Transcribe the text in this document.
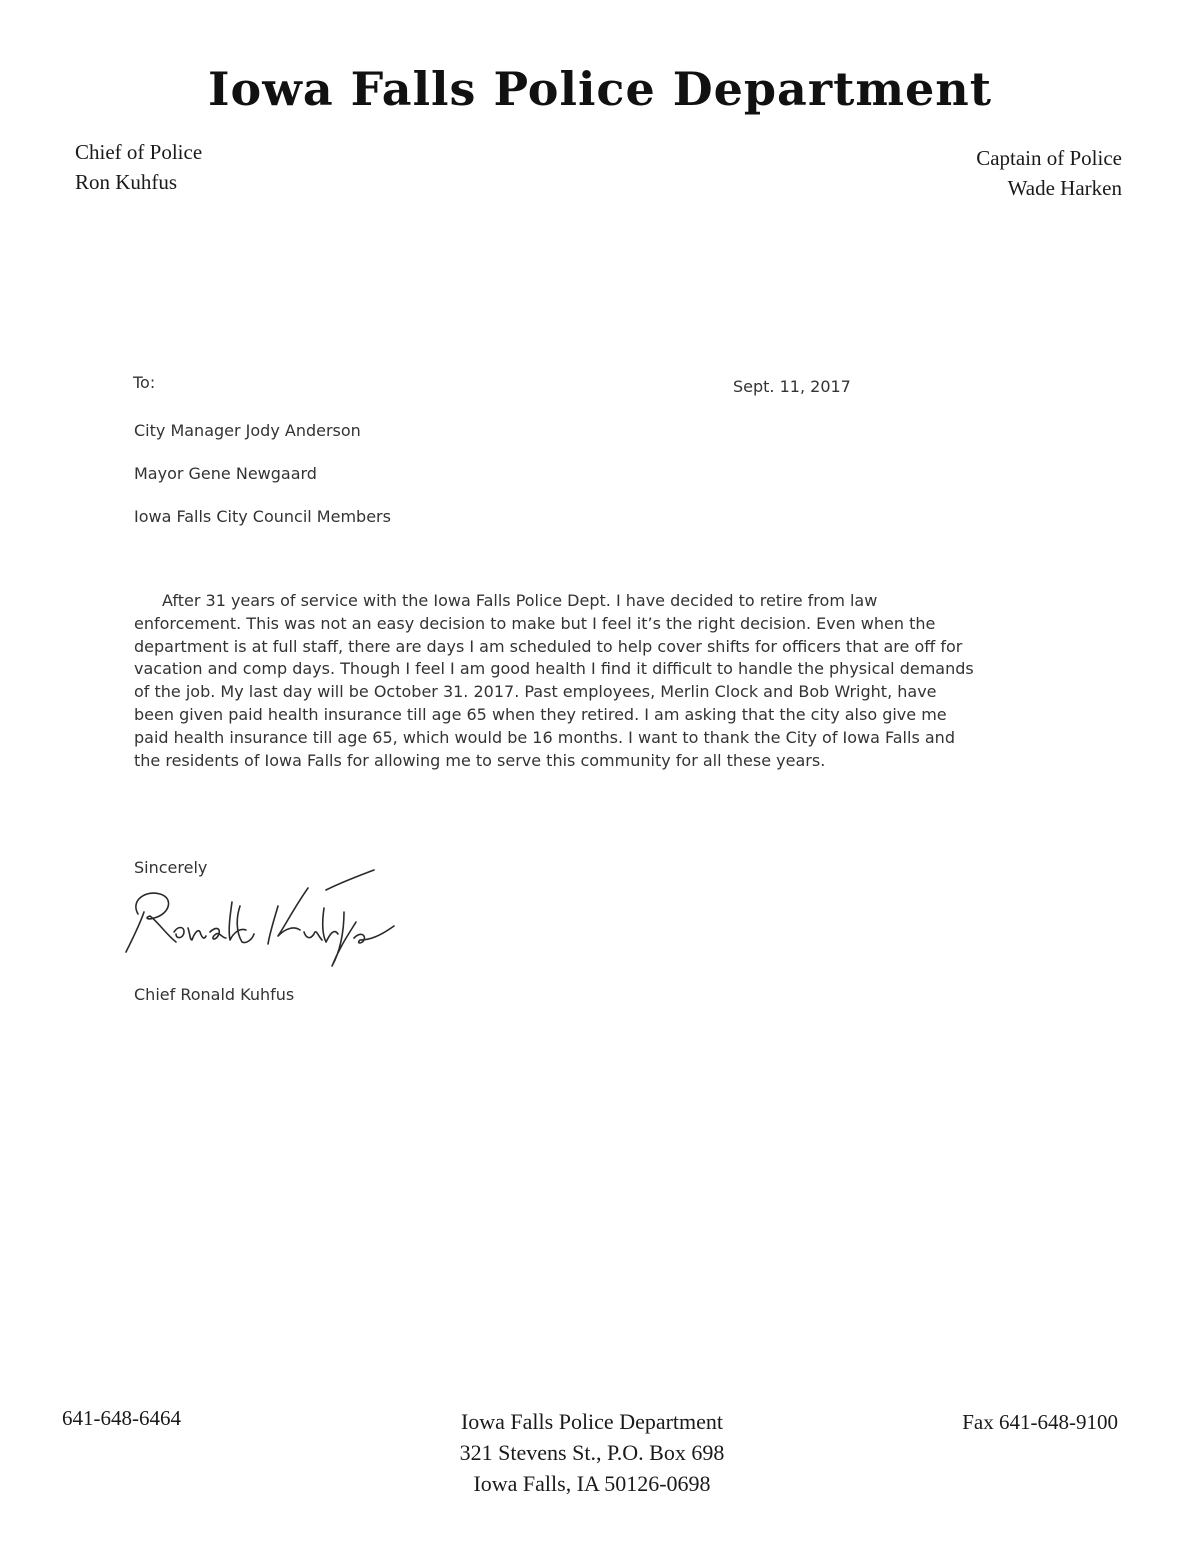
Iowa Falls Police Department
Chief of Police
Ron Kuhfus
Captain of Police
Wade Harken
To:	Sept. 11, 2017
City Manager Jody Anderson
Mayor Gene Newgaard
Iowa Falls City Council Members
After 31 years of service with the Iowa Falls Police Dept. I have decided to retire from law
enforcement. This was not an easy decision to make but I feel it’s the right decision. Even when the
department is at full staff, there are days I am scheduled to help cover shifts for officers that are off for
vacation and comp days. Though I feel I am good health I find it difficult to handle the physical demands
of the job. My last day will be October 31. 2017. Past employees, Merlin Clock and Bob Wright, have
been given paid health insurance till age 65 when they retired. I am asking that the city also give me
paid health insurance till age 65, which would be 16 months. I want to thank the City of Iowa Falls and
the residents of Iowa Falls for allowing me to serve this community for all these years.
Sincerely
Chief Ronald Kuhfus
641-648-6464	Iowa Falls Police Department
321 Stevens St., P.O. Box 698
Iowa Falls, IA 50126-0698
Fax 641-648-9100
